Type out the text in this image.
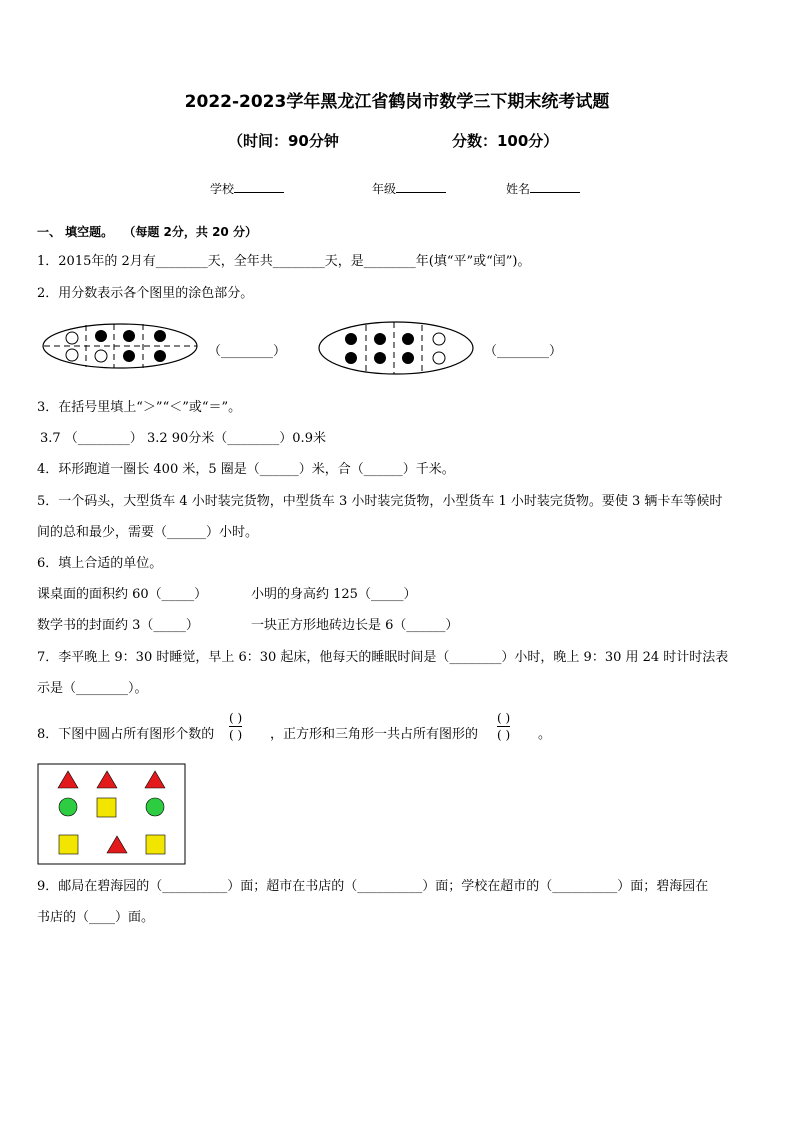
2022-2023学年黑龙江省鹤岗市数学三下期末统考试题
（时间：90分钟	分数：100分）
学校	年级	姓名
一、 填空题。 （每题 2分，共 20 分）
1．2015年的 2月有________天，全年共________天，是________年(填“平”或“闰”)。
2．用分数表示各个图里的涂色部分。
（________）	（________）
3．在括号里填上“＞”“＜”或“＝”。
3.7 （________） 3.2 90分米（________）0.9米
4．环形跑道一圈长 400 米，5 圈是（______）米，合（______）千米。
5．一个码头，大型货车 4 小时装完货物，中型货车 3 小时装完货物，小型货车 1 小时装完货物。要使 3 辆卡车等候时
间的总和最少，需要（______）小时。
6．填上合适的单位。
课桌面的面积约 60（_____）	小明的身高约 125（_____）
数学书的封面约 3（_____）	一块正方形地砖边长是 6（______）
7．李平晚上 9：30 时睡觉，早上 6：30 起床，他每天的睡眠时间是（________）小时，晚上 9：30 用 24 时计时法表
示是（________）。
8．下图中圆占所有图形个数的
( )
( ) ，正方形和三角形一共占所有图形的
( )
( ) 。
9．邮局在碧海园的（__________）面；超市在书店的（__________）面；学校在超市的（__________）面；碧海园在
书店的（____）面。
